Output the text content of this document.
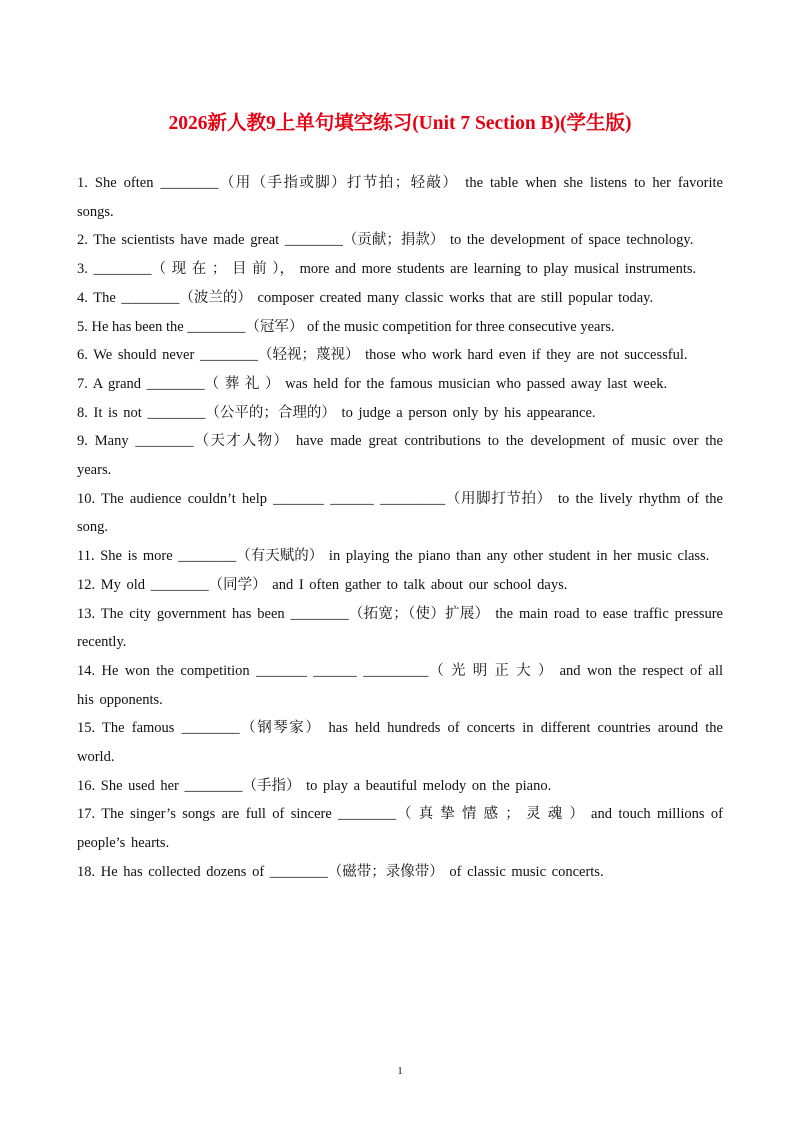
2026新人教9上单句填空练习(Unit 7 Section B)(学生版)

1. She often ________（用（手指或脚）打节拍；轻敲） the table when she listens to her favorite songs.

2. The scientists have made great ________（贡献；捐款） to the development of space technology.

3. ________（ 现 在 ； 目 前 ）， more and more students are learning to play musical instruments.

4. The ________（波兰的） composer created many classic works that are still popular today.

5. He has been the ________（冠军） of the music competition for three consecutive years.

6. We should never ________（轻视；蔑视） those who work hard even if they are not successful.

7. A grand ________（ 葬 礼 ） was held for the famous musician who passed away last week.

8. It is not ________（公平的；合理的） to judge a person only by his appearance.

9. Many ________（天才人物） have made great contributions to the development of music over the years.

10. The audience couldn’t help _______ ______ _________（用脚打节拍） to the lively rhythm of the song.

11. She is more ________（有天赋的） in playing the piano than any other student in her music class.

12. My old ________（同学） and I often gather to talk about our school days.

13. The city government has been ________（拓宽；（使）扩展） the main road to ease traffic pressure recently.

14. He won the competition _______ ______ _________（ 光 明 正 大 ） and won the respect of all his opponents.

15. The famous ________（钢琴家） has held hundreds of concerts in different countries around the world.

16. She used her ________（手指） to play a beautiful melody on the piano.

17. The singer’s songs are full of sincere ________（ 真 挚 情 感 ； 灵 魂 ） and touch millions of people’s hearts.

18. He has collected dozens of ________（磁带；录像带） of classic music concerts.

1
